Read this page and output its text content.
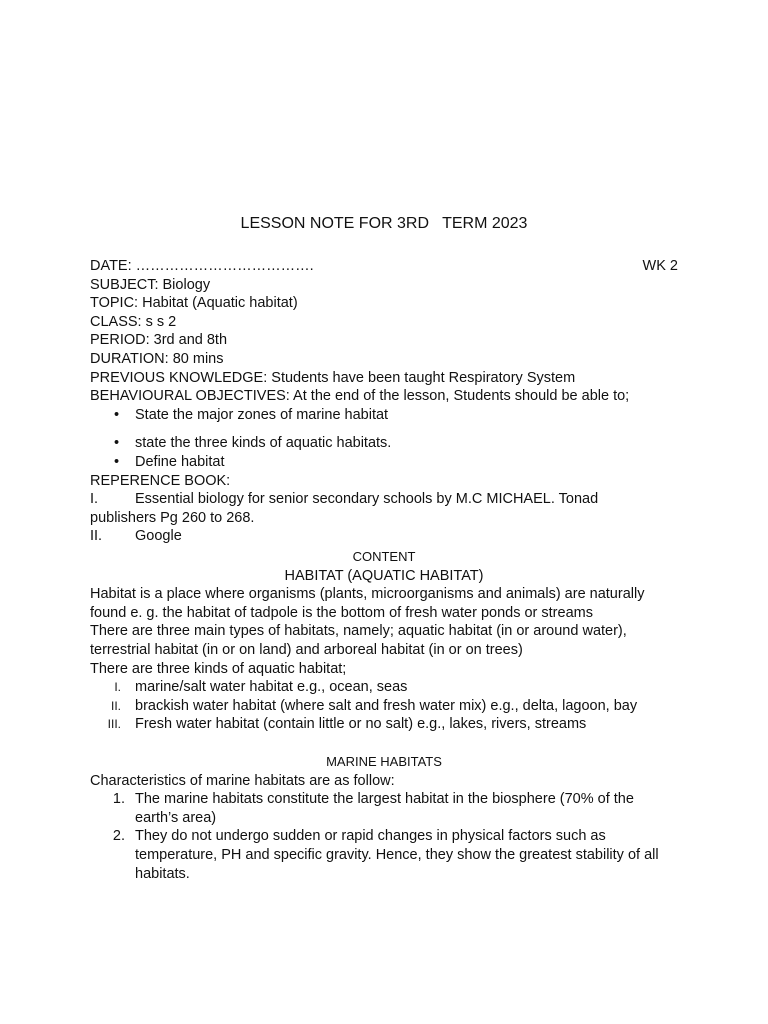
LESSON NOTE FOR 3RD   TERM 2023
DATE: ……………………………….	WK 2
SUBJECT: Biology
TOPIC: Habitat (Aquatic habitat)
CLASS: s s 2
PERIOD: 3rd and 8th
DURATION: 80 mins
PREVIOUS KNOWLEDGE: Students have been taught Respiratory System
BEHAVIOURAL OBJECTIVES: At the end of the lesson, Students should be able to;
• State the major zones of marine habitat
• state the three kinds of aquatic habitats.
• Define habitat
REPERENCE BOOK:
I.	Essential biology for senior secondary schools by M.C MICHAEL. Tonad
publishers Pg 260 to 268.
II.	Google
CONTENT
HABITAT (AQUATIC HABITAT)
Habitat is a place where organisms (plants, microorganisms and animals) are naturally
found e. g. the habitat of tadpole is the bottom of fresh water ponds or streams
There are three main types of habitats, namely; aquatic habitat (in or around water),
terrestrial habitat (in or on land) and arboreal habitat (in or on trees)
There are three kinds of aquatic habitat;
I. marine/salt water habitat e.g., ocean, seas
II. brackish water habitat (where salt and fresh water mix) e.g., delta, lagoon, bay
III. Fresh water habitat (contain little or no salt) e.g., lakes, rivers, streams
MARINE HABITATS
Characteristics of marine habitats are as follow:
1. The marine habitats constitute the largest habitat in the biosphere (70% of the earth’s area)
2. They do not undergo sudden or rapid changes in physical factors such as temperature, PH and specific gravity. Hence, they show the greatest stability of all habitats.
